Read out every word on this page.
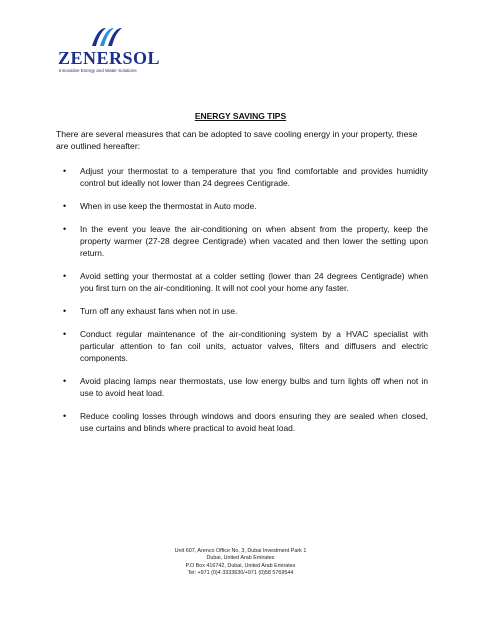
ZENERSOL
Innovative Energy and Water Solutions
ENERGY SAVING TIPS

There are several measures that can be adopted to save cooling energy in your property, these are outlined hereafter:

• Adjust your thermostat to a temperature that you find comfortable and provides humidity control but ideally not lower than 24 degrees Centigrade.
• When in use keep the thermostat in Auto mode.
• In the event you leave the air-conditioning on when absent from the property, keep the property warmer (27-28 degree Centigrade) when vacated and then lower the setting upon return.
• Avoid setting your thermostat at a colder setting (lower than 24 degrees Centigrade) when you first turn on the air-conditioning. It will not cool your home any faster.
• Turn off any exhaust fans when not in use.
• Conduct regular maintenance of the air-conditioning system by a HVAC specialist with particular attention to fan coil units, actuator valves, filters and diffusers and electric components.
• Avoid placing lamps near thermostats, use low energy bulbs and turn lights off when not in use to avoid heat load.
• Reduce cooling losses through windows and doors ensuring they are sealed when closed, use curtains and blinds where practical to avoid heat load.
Unit 607, Arenco Office No. 3, Dubai Investment Park 1
Dubai, United Arab Emirates
P.O Box 416742, Dubai, United Arab Emirates
Tel: +971 (0)4 3333630/+971 (0)58 5769544
